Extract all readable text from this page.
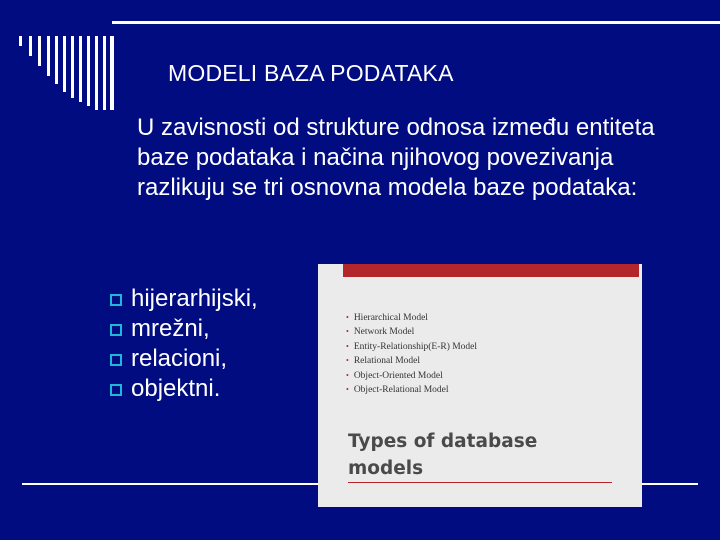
MODELI BAZA PODATAKA

U zavisnosti od strukture odnosa između entiteta baze podataka i načina njihovog povezivanja razlikuju se tri osnovna modela baze podataka:

hijerarhijski,
mrežni,
relacioni,
objektni.
• Hierarchical Model
• Network Model
• Entity-Relationship(E-R) Model
• Relational Model
• Object-Oriented Model
• Object-Relational Model

Types of database models
